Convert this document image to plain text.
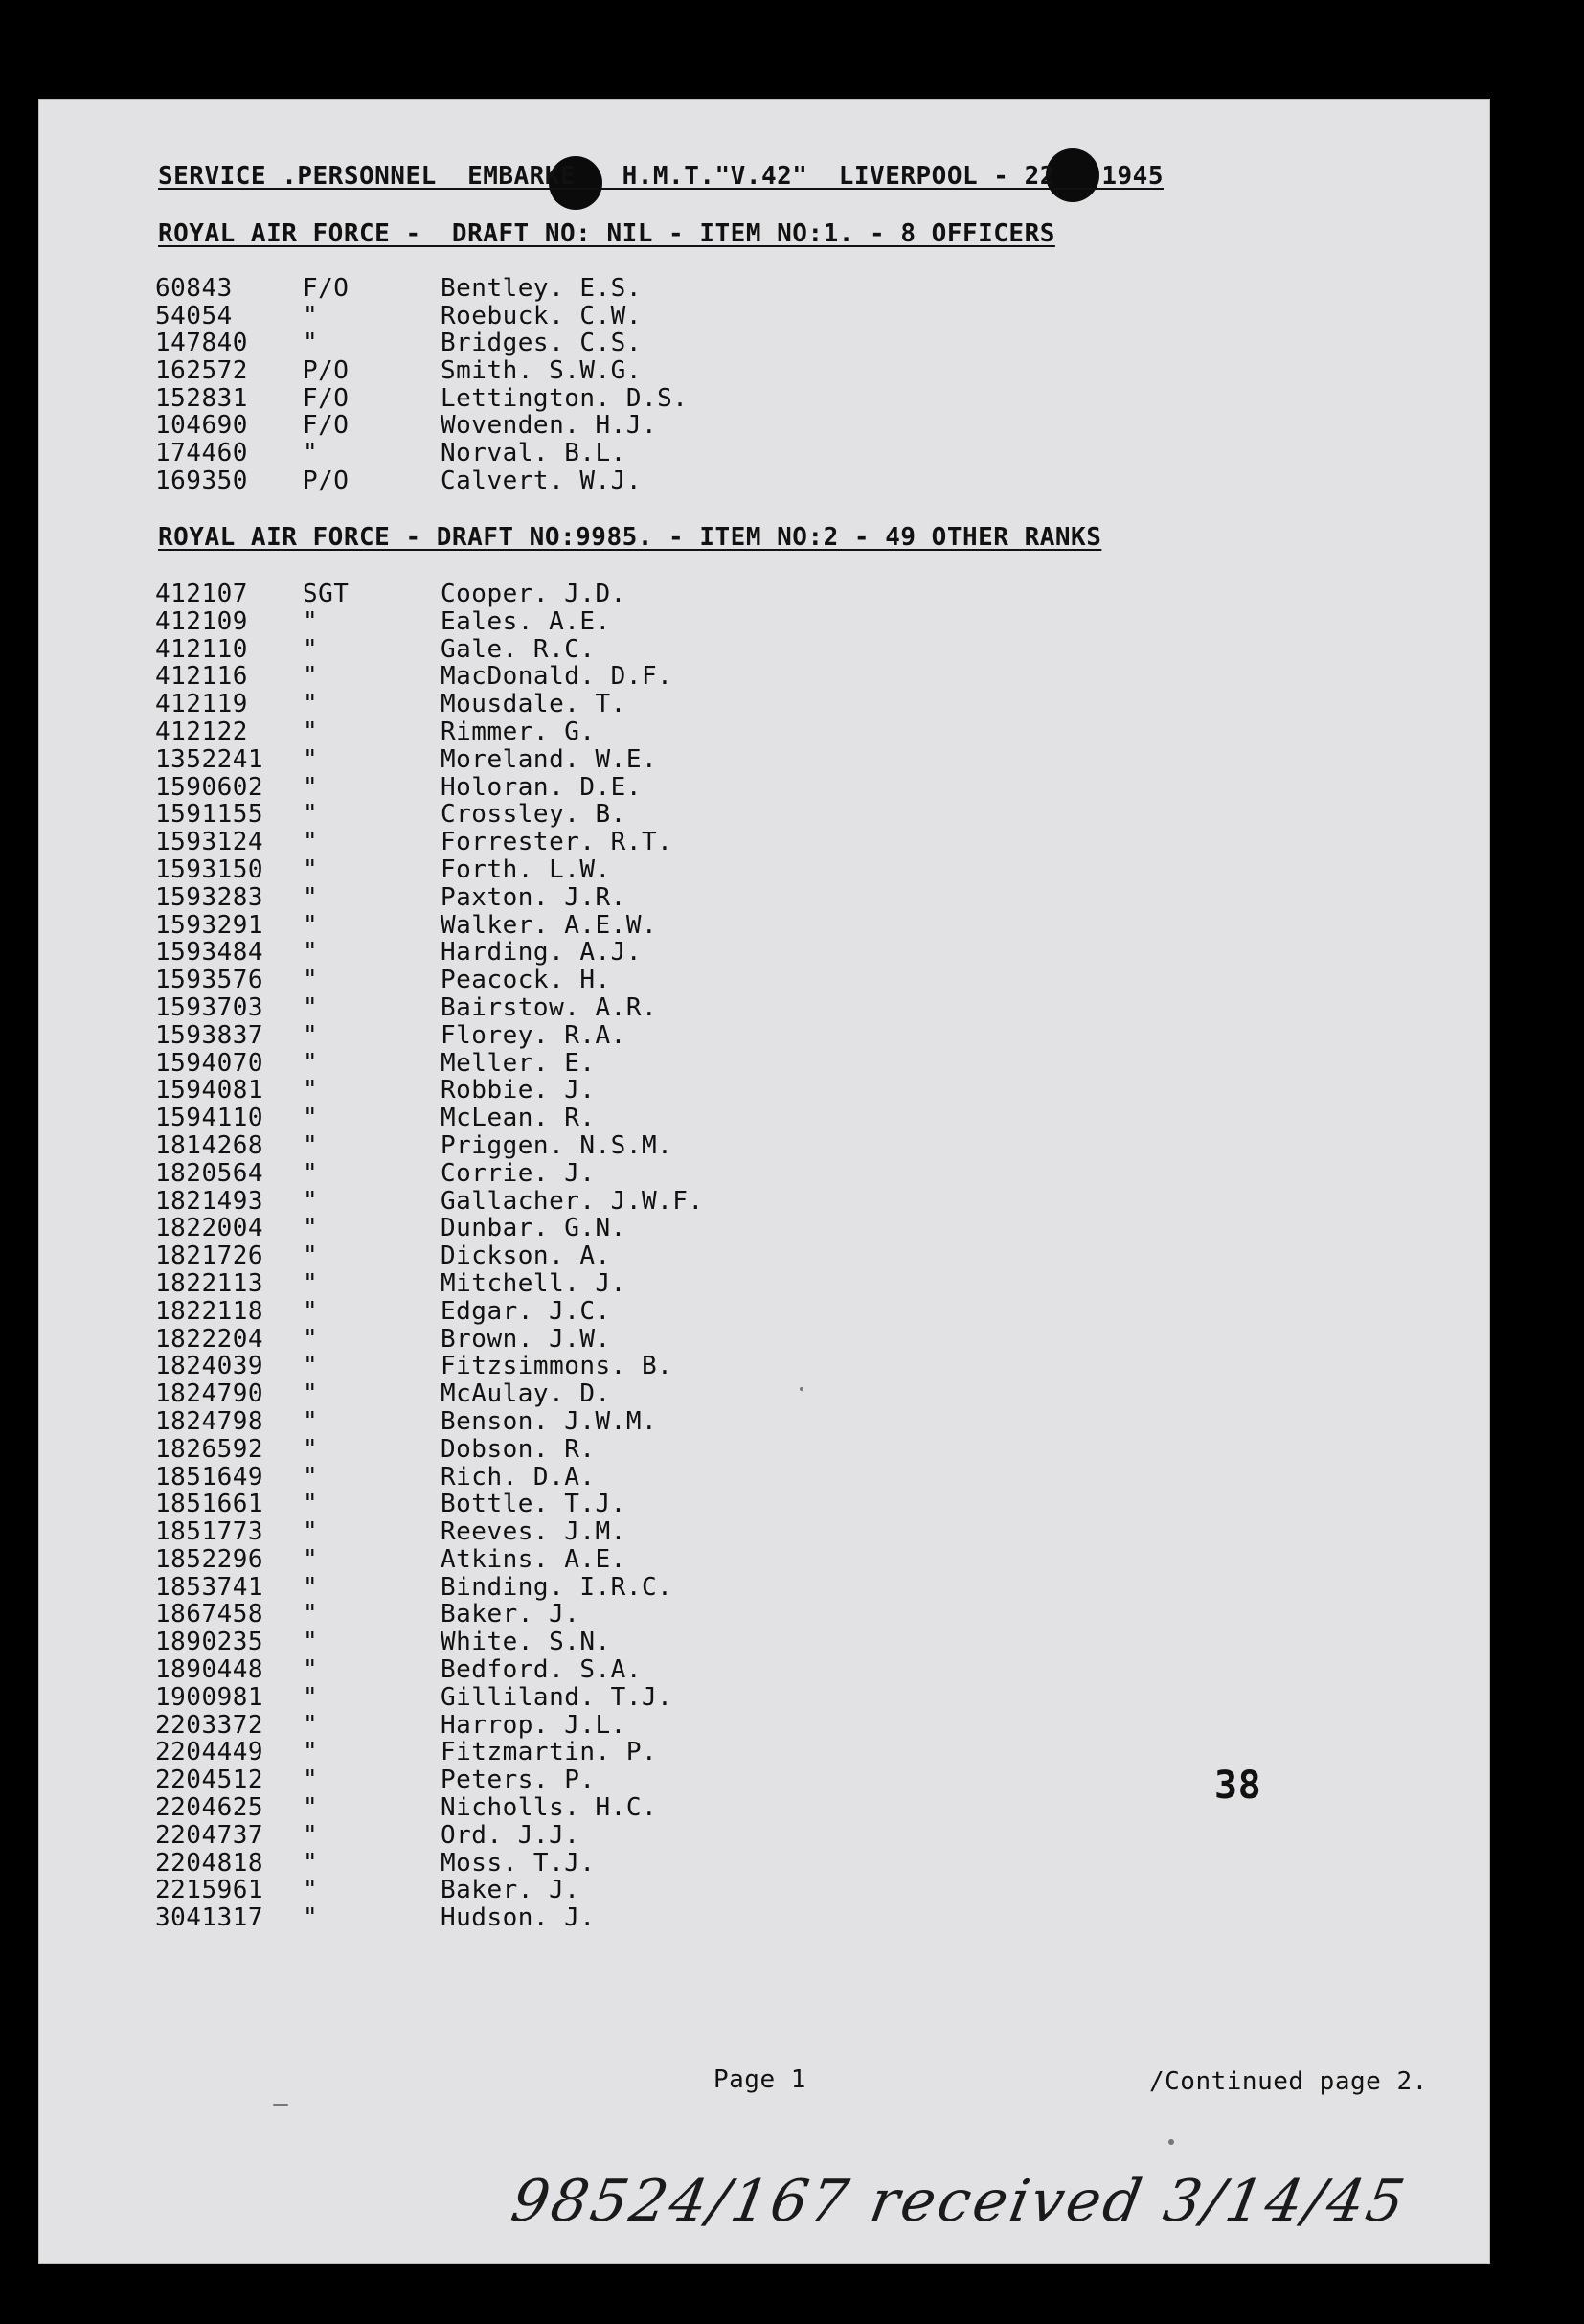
SERVICE .PERSONNEL  EMBARKE   H.M.T."V.42"  LIVERPOOL - 22   1945
ROYAL AIR FORCE -  DRAFT NO: NIL - ITEM NO:1. - 8 OFFICERS
60843	F/O	Bentley. E.S.
54054	"	Roebuck. C.W.
147840 "	Bridges. C.S.
162572 P/O	Smith. S.W.G.
152831 F/O	Lettington. D.S.
104690 F/O	Wovenden. H.J.
174460 "	Norval. B.L.
169350 P/O	Calvert. W.J.
ROYAL AIR FORCE - DRAFT NO:9985. - ITEM NO:2 - 49 OTHER RANKS
412107 SGT	Cooper. J.D.
412109 "	Eales. A.E.
412110 "	Gale. R.C.
412116 "	MacDonald. D.F.
412119 "	Mousdale. T.
412122 "	Rimmer. G.
1352241 "	Moreland. W.E.
1590602 "	Holoran. D.E.
1591155 "	Crossley. B.
1593124 "	Forrester. R.T.
1593150 "	Forth. L.W.
1593283 "	Paxton. J.R.
1593291 "	Walker. A.E.W.
1593484 "	Harding. A.J.
1593576 "	Peacock. H.
1593703 "	Bairstow. A.R.
1593837 "	Florey. R.A.
1594070 "	Meller. E.
1594081 "	Robbie. J.
1594110 "	McLean. R.
1814268 "	Priggen. N.S.M.
1820564 "	Corrie. J.
1821493 "	Gallacher. J.W.F.
1822004 "	Dunbar. G.N.
1821726 "	Dickson. A.
1822113 "	Mitchell. J.
1822118 "	Edgar. J.C.
1822204 "	Brown. J.W.
1824039 "	Fitzsimmons. B.
1824790 "	McAulay. D.
1824798 "	Benson. J.W.M.
1826592 "	Dobson. R.
1851649 "	Rich. D.A.
1851661 "	Bottle. T.J.
1851773 "	Reeves. J.M.
1852296 "	Atkins. A.E.
1853741 "	Binding. I.R.C.
1867458 "	Baker. J.
1890235 "	White. S.N.
1890448 "	Bedford. S.A.
1900981 "	Gilliland. T.J.
2203372 "	Harrop. J.L.
2204449 "	Fitzmartin. P.
2204512 "	Peters. P.
2204625 "	Nicholls. H.C.
2204737 "	Ord. J.J.
2204818 "	Moss. T.J.
2215961 "	Baker. J.
3041317 "	Hudson. J.
38
Page 1	/Continued page 2.
98524/167 received 3/14/45
